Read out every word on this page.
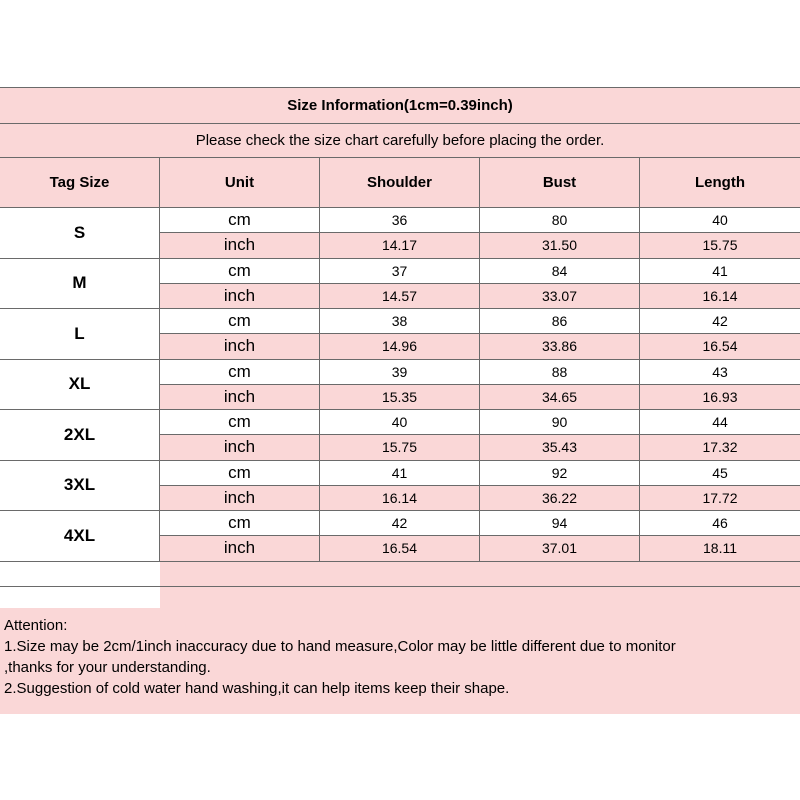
Size Information(1cm=0.39inch)
Please check the size chart carefully before placing the order.
Tag Size	Unit	Shoulder	Bust	Length
S
cm	36	80	40
inch	14.17	31.50	15.75
M
cm	37	84	41
inch	14.57	33.07	16.14
L
cm	38	86	42
inch	14.96	33.86	16.54
XL
cm	39	88	43
inch	15.35	34.65	16.93
2XL
cm	40	90	44
inch	15.75	35.43	17.32
3XL
cm	41	92	45
inch	16.14	36.22	17.72
4XL
cm	42	94	46
inch	16.54	37.01	18.11
Attention:
1.Size may be 2cm/1inch inaccuracy due to hand measure,Color may be little different due to monitor
,thanks for your understanding.
2.Suggestion of cold water hand washing,it can help items keep their shape.
